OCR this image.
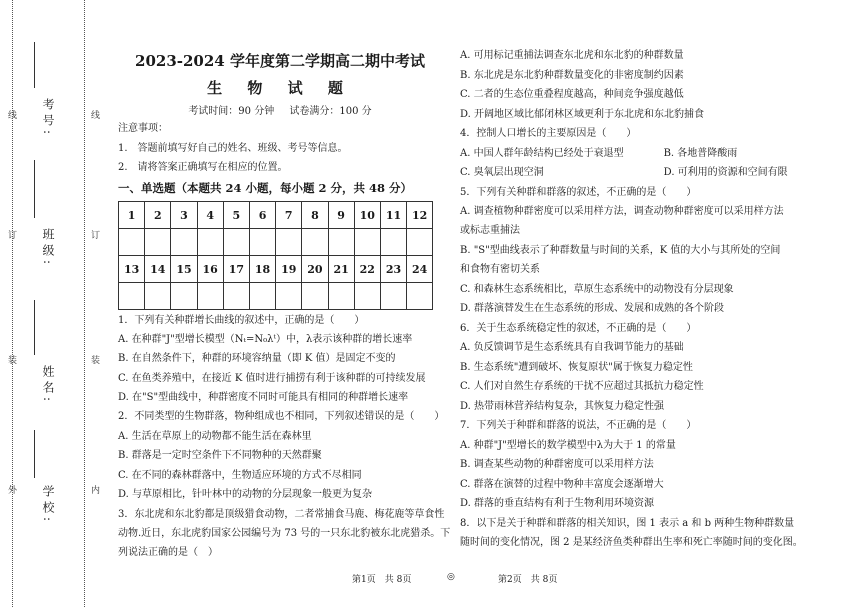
线
订
装
外
线
订
装
内
考号:
班级:
姓名:
学校:
2023-2024 学年度第二学期高二期中考试
生 物 试 题
考试时间：90 分钟 试卷满分：100 分
注意事项：
1.　答题前填写好自己的姓名、班级、考号等信息。
2.　请将答案正确填写在相应的位置。
一、单选题（本题共 24 小题，每小题 2 分，共 48 分）
1	2	3	4	5	6	7	8	9	10	11	12

13	14	15	16	17	18	19	20	21	22	23	24

1．下列有关种群增长曲线的叙述中，正确的是（　　）
A. 在种群"J"型增长模型（Nₜ=N₀λᵗ）中，λ表示该种群的增长速率
B. 在自然条件下，种群的环境容纳量（即 K 值）是固定不变的
C. 在鱼类养殖中，在接近 K 值时进行捕捞有利于该种群的可持续发展
D. 在"S"型曲线中，种群密度不同时可能具有相同的种群增长速率
2．不同类型的生物群落，物种组成也不相同，下列叙述错误的是（　　）
A. 生活在草原上的动物都不能生活在森林里
B. 群落是一定时空条件下不同物种的天然群聚
C. 在不同的森林群落中，生物适应环境的方式不尽相同
D. 与草原相比，针叶林中的动物的分层现象一般更为复杂
3．东北虎和东北豹都是顶级猎食动物，二者常捕食马鹿、梅花鹿等草食性
动物.近日，东北虎豹国家公园编号为 73 号的一只东北豹被东北虎猎杀。下
列说法正确的是（　）
A. 可用标记重捕法调查东北虎和东北豹的种群数量
B. 东北虎是东北豹种群数量变化的非密度制约因素
C. 二者的生态位重叠程度越高，种间竞争强度越低
D. 开阔地区域比郁闭林区域更利于东北虎和东北豹捕食
4．控制人口增长的主要原因是（　　）
A. 中国人群年龄结构已经处于衰退型　　　　B. 各地普降酸雨
C. 臭氧层出现空洞　　　　　　　　　　　　D. 可利用的资源和空间有限
5．下列有关种群和群落的叙述，不正确的是（　　）
A. 调查植物种群密度可以采用样方法，调查动物种群密度可以采用样方法
或标志重捕法
B. "S"型曲线表示了种群数量与时间的关系，K 值的大小与其所处的空间
和食物有密切关系
C. 和森林生态系统相比，草原生态系统中的动物没有分层现象
D. 群落演替发生在生态系统的形成、发展和成熟的各个阶段
6．关于生态系统稳定性的叙述，不正确的是（　　）
A. 负反馈调节是生态系统具有自我调节能力的基础
B. 生态系统"遭到破坏、恢复原状"属于恢复力稳定性
C. 人们对自然生存系统的干扰不应超过其抵抗力稳定性
D. 热带雨林营养结构复杂，其恢复力稳定性强
7．下列关于种群和群落的说法，不正确的是（　　）
A. 种群"J"型增长的数学模型中λ为大于 1 的常量
B. 调查某些动物的种群密度可以采用样方法
C. 群落在演替的过程中物种丰富度会逐渐增大
D. 群落的垂直结构有利于生物利用环境资源
8．以下是关于种群和群落的相关知识，图 1 表示 a 和 b 两种生物种群数量
随时间的变化情况，图 2 是某经济鱼类种群出生率和死亡率随时间的变化图。
第1页　共 8页	◎	第2页　共 8页
